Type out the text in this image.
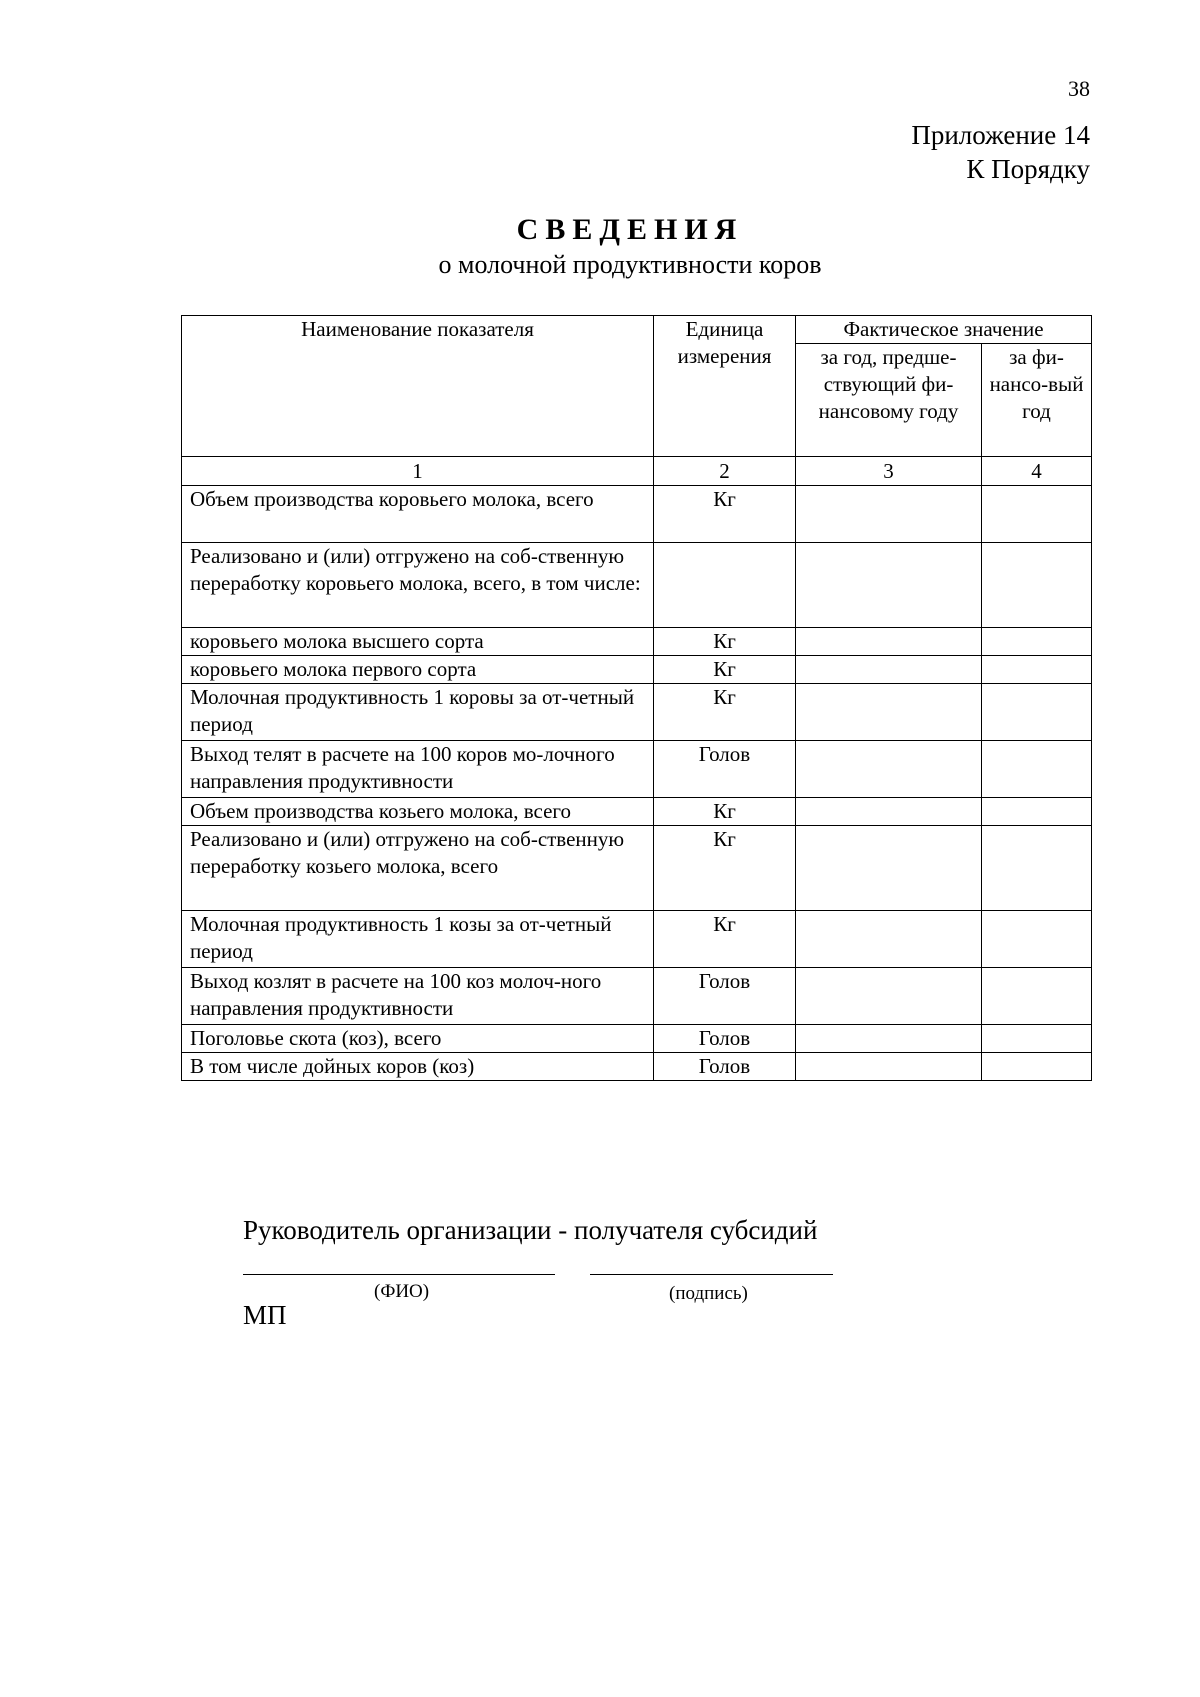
38
Приложение 14
К Порядку
СВЕДЕНИЯ
о молочной продуктивности коров
Наименование показателя	Единица измерения	Фактическое значение	
		за год, предше-ствующий фи-нансовому году	за фи-нансо-вый год
1	2	3	4
Объем производства коровьего молока, всего	Кг		
Реализовано и (или) отгружено на соб-ственную переработку коровьего молока, всего, в том числе:			
коровьего молока высшего сорта	Кг		
коровьего молока первого сорта	Кг		
Молочная продуктивность 1 коровы за от-четный период	Кг		
Выход телят в расчете на 100 коров мо-лочного направления продуктивности	Голов		
Объем производства козьего молока, всего	Кг		
Реализовано и (или) отгружено на соб-ственную переработку козьего молока, всего	Кг		
Молочная продуктивность 1 козы за от-четный период	Кг		
Выход козлят в расчете на 100 коз молоч-ного направления продуктивности	Голов		
Поголовье скота (коз), всего	Голов		
В том числе дойных коров (коз)	Голов		
Руководитель организации - получателя субсидий
(ФИО)	(подпись)
МП
